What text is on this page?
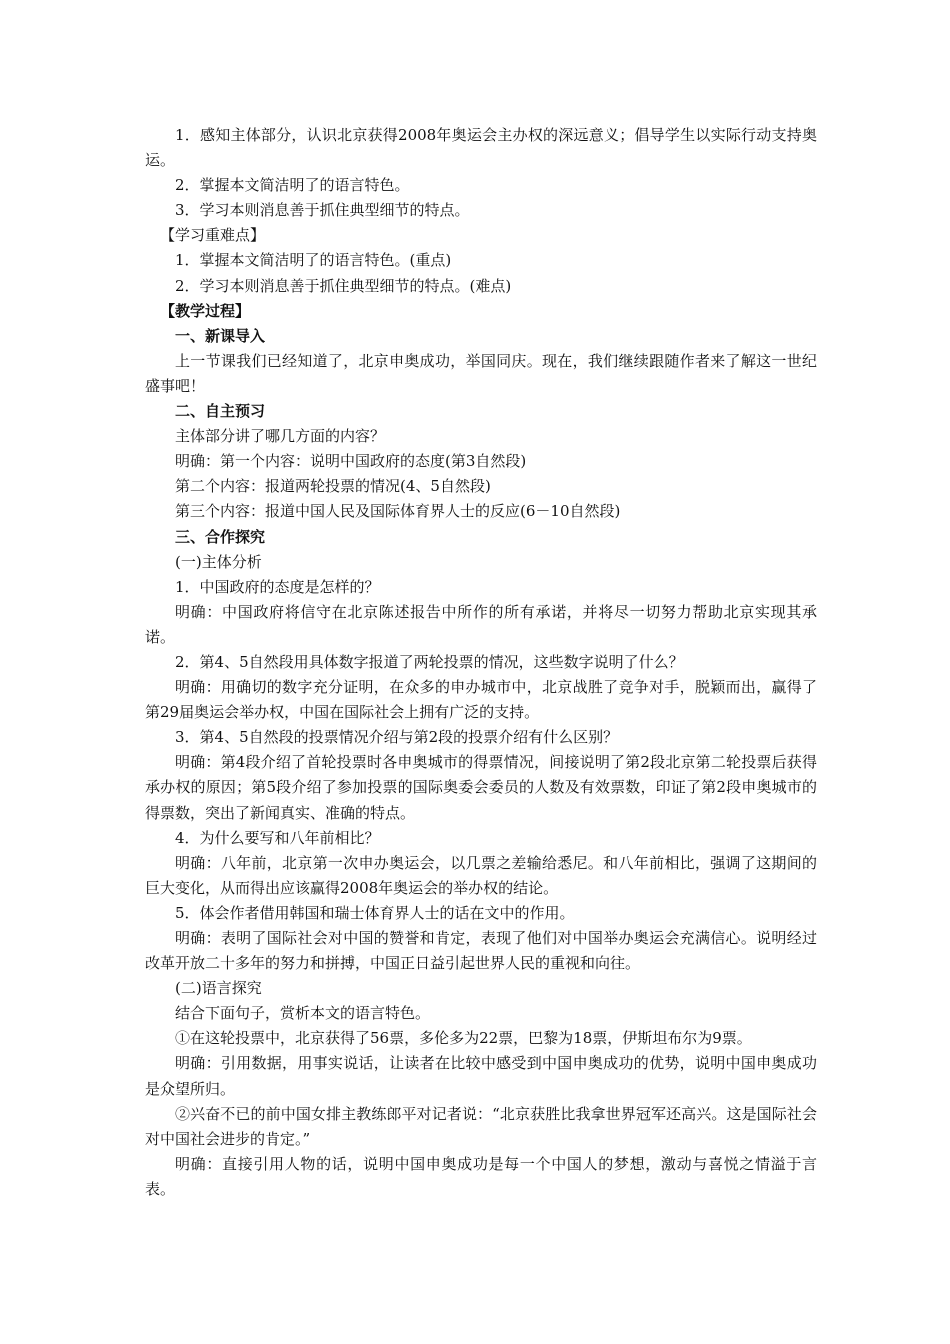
1．感知主体部分，认识北京获得2008年奥运会主办权的深远意义；倡导学生以实际行动支持奥运。

2．掌握本文简洁明了的语言特色。

3．学习本则消息善于抓住典型细节的特点。

【学习重难点】

1．掌握本文简洁明了的语言特色。(重点)

2．学习本则消息善于抓住典型细节的特点。(难点)

【教学过程】

一、新课导入

上一节课我们已经知道了，北京申奥成功，举国同庆。现在，我们继续跟随作者来了解这一世纪盛事吧！

二、自主预习

主体部分讲了哪几方面的内容？

明确：第一个内容：说明中国政府的态度(第3自然段)

第二个内容：报道两轮投票的情况(4、5自然段)

第三个内容：报道中国人民及国际体育界人士的反应(6－10自然段)

三、合作探究

(一)主体分析

1．中国政府的态度是怎样的？

明确：中国政府将信守在北京陈述报告中所作的所有承诺，并将尽一切努力帮助北京实现其承诺。

2．第4、5自然段用具体数字报道了两轮投票的情况，这些数字说明了什么？

明确：用确切的数字充分证明，在众多的申办城市中，北京战胜了竞争对手，脱颖而出，赢得了第29届奥运会举办权，中国在国际社会上拥有广泛的支持。

3．第4、5自然段的投票情况介绍与第2段的投票介绍有什么区别？

明确：第4段介绍了首轮投票时各申奥城市的得票情况，间接说明了第2段北京第二轮投票后获得承办权的原因；第5段介绍了参加投票的国际奥委会委员的人数及有效票数，印证了第2段申奥城市的得票数，突出了新闻真实、准确的特点。

4．为什么要写和八年前相比？

明确：八年前，北京第一次申办奥运会，以几票之差输给悉尼。和八年前相比，强调了这期间的巨大变化，从而得出应该赢得2008年奥运会的举办权的结论。

5．体会作者借用韩国和瑞士体育界人士的话在文中的作用。

明确：表明了国际社会对中国的赞誉和肯定，表现了他们对中国举办奥运会充满信心。说明经过改革开放二十多年的努力和拼搏，中国正日益引起世界人民的重视和向往。

(二)语言探究

结合下面句子，赏析本文的语言特色。

①在这轮投票中，北京获得了56票，多伦多为22票，巴黎为18票，伊斯坦布尔为9票。

明确：引用数据，用事实说话，让读者在比较中感受到中国申奥成功的优势，说明中国申奥成功是众望所归。

②兴奋不已的前中国女排主教练郎平对记者说：“北京获胜比我拿世界冠军还高兴。这是国际社会对中国社会进步的肯定。”

明确：直接引用人物的话，说明中国申奥成功是每一个中国人的梦想，激动与喜悦之情溢于言表。
